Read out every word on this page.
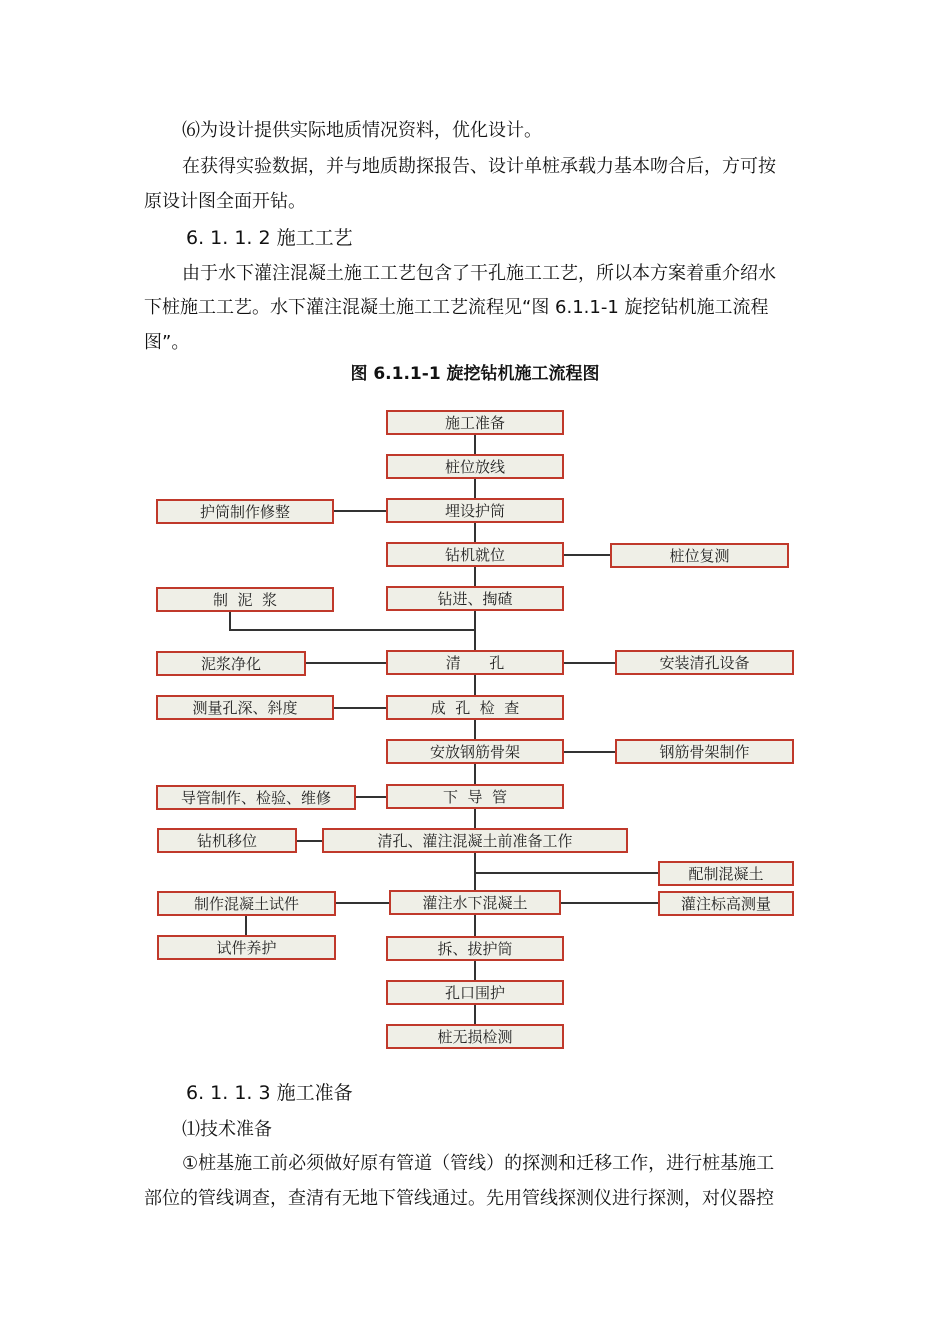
⑹为设计提供实际地质情况资料，优化设计。
在获得实验数据，并与地质勘探报告、设计单桩承载力基本吻合后，方可按
原设计图全面开钻。
6. 1. 1. 2 施工工艺
由于水下灌注混凝土施工工艺包含了干孔施工工艺，所以本方案着重介绍水
下桩施工工艺。水下灌注混凝土施工工艺流程见“图 6.1.1-1 旋挖钻机施工流程
图”。
图 6.1.1-1 旋挖钻机施工流程图
施工准备
桩位放线
埋设护筒
钻机就位
钻进、掏碴
清      孔
成  孔  检  查
安放钢筋骨架
下  导  管
清孔、灌注混凝土前准备工作
灌注水下混凝土
拆、拔护筒
孔口围护
桩无损检测
护筒制作修整
制  泥  浆
泥浆净化
测量孔深、斜度
导管制作、检验、维修
钻机移位
制作混凝土试件
试件养护
桩位复测
安装清孔设备
钢筋骨架制作
配制混凝土
灌注标高测量
6. 1. 1. 3 施工准备
⑴技术准备
①桩基施工前必须做好原有管道（管线）的探测和迁移工作，进行桩基施工
部位的管线调查，查清有无地下管线通过。先用管线探测仪进行探测，对仪器控
